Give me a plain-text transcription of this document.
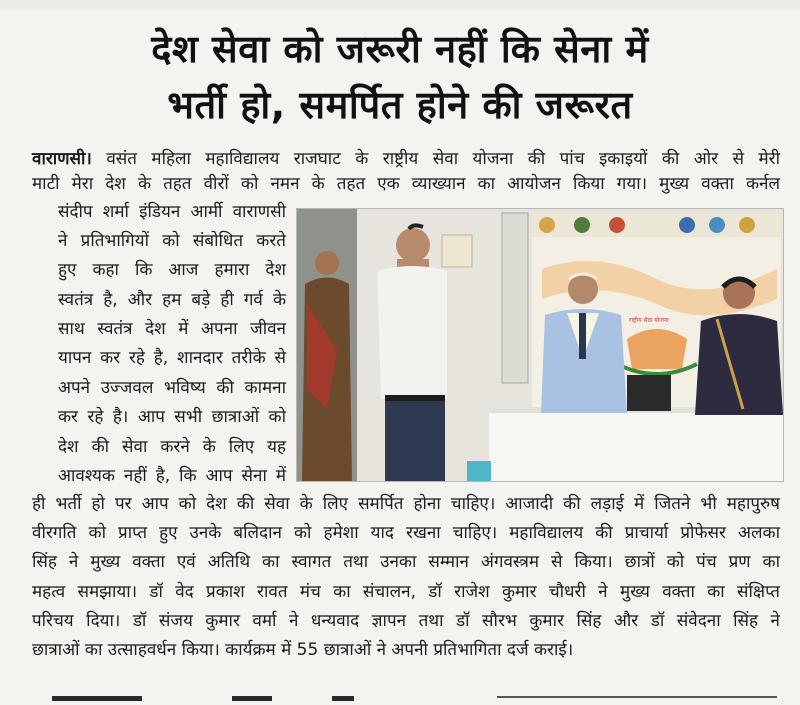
देश सेवा को जरूरी नहीं कि सेना में
भर्ती हो, समर्पित होने की जरूरत
वाराणसी। वसंत महिला महाविद्यालय राजघाट के राष्ट्रीय सेवा योजना की पांच इकाइयों की ओर से मेरी
माटी मेरा देश के तहत वीरों को नमन के तहत एक व्याख्यान का आयोजन किया गया। मुख्य वक्ता कर्नल
संदीप शर्मा इंडियन आर्मी वाराणसी
ने प्रतिभागियों को संबोधित करते
हुए कहा कि आज हमारा देश
स्वतंत्र है, और हम बड़े ही गर्व के
साथ स्वतंत्र देश में अपना जीवन
यापन कर रहे है, शानदार तरीके से
अपने उज्जवल भविष्य की कामना
कर रहे है। आप सभी छात्राओं को
देश की सेवा करने के लिए यह
आवश्यक नहीं है, कि आप सेना में
राष्ट्रीय सेवा योजना
ही भर्ती हो पर आप को देश की सेवा के लिए समर्पित होना चाहिए। आजादी की लड़ाई में जितने भी महापुरुष
वीरगति को प्राप्त हुए उनके बलिदान को हमेशा याद रखना चाहिए। महाविद्यालय की प्राचार्या प्रोफेसर अलका
सिंह ने मुख्य वक्ता एवं अतिथि का स्वागत तथा उनका सम्मान अंगवस्त्रम से किया। छात्रों को पंच प्रण का
महत्व समझाया। डॉ वेद प्रकाश रावत मंच का संचालन, डॉ राजेश कुमार चौधरी ने मुख्य वक्ता का संक्षिप्त
परिचय दिया। डॉ संजय कुमार वर्मा ने धन्यवाद ज्ञापन तथा डॉ सौरभ कुमार सिंह और डॉ संवेदना सिंह ने
छात्राओं का उत्साहवर्धन किया। कार्यक्रम में 55 छात्राओं ने अपनी प्रतिभागिता दर्ज कराई।
